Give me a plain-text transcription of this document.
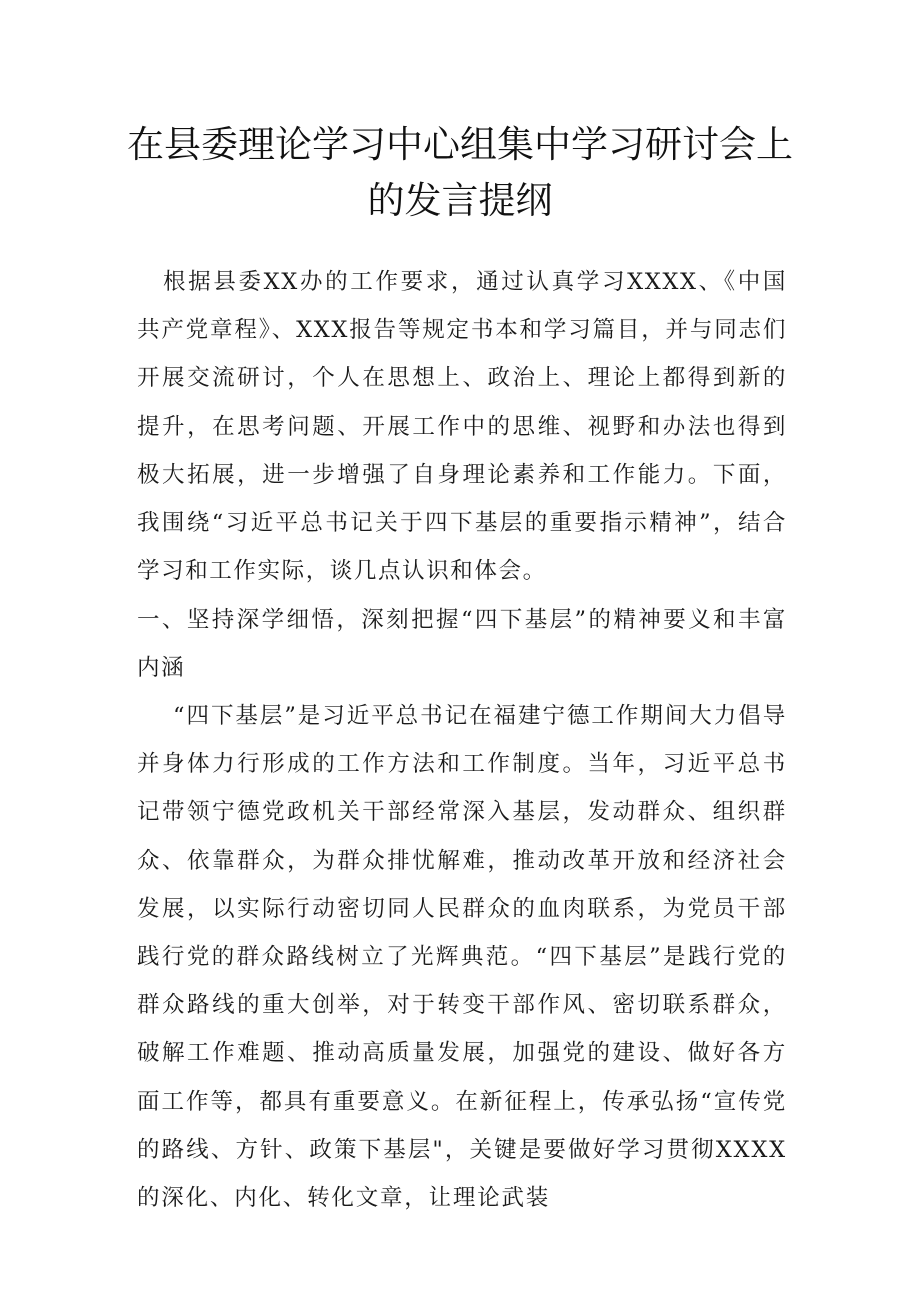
在县委理论学习中心组集中学习研讨会上
的发言提纲

根据县委XX办的工作要求，通过认真学习XXXX、《中国共产党章程》、XXX报告等规定书本和学习篇目，并与同志们开展交流研讨，个人在思想上、政治上、理论上都得到新的提升，在思考问题、开展工作中的思维、视野和办法也得到极大拓展，进一步增强了自身理论素养和工作能力。下面，我围绕“习近平总书记关于四下基层的重要指示精神”，结合学习和工作实际，谈几点认识和体会。

一、坚持深学细悟，深刻把握“四下基层”的精神要义和丰富内涵

“四下基层”是习近平总书记在福建宁德工作期间大力倡导并身体力行形成的工作方法和工作制度。当年，习近平总书记带领宁德党政机关干部经常深入基层，发动群众、组织群众、依靠群众，为群众排忧解难，推动改革开放和经济社会发展，以实际行动密切同人民群众的血肉联系，为党员干部践行党的群众路线树立了光辉典范。“四下基层”是践行党的群众路线的重大创举，对于转变干部作风、密切联系群众，破解工作难题、推动高质量发展，加强党的建设、做好各方面工作等，都具有重要意义。在新征程上，传承弘扬“宣传党的路线、方针、政策下基层"，关键是要做好学习贯彻XXXX的深化、内化、转化文章，让理论武装
